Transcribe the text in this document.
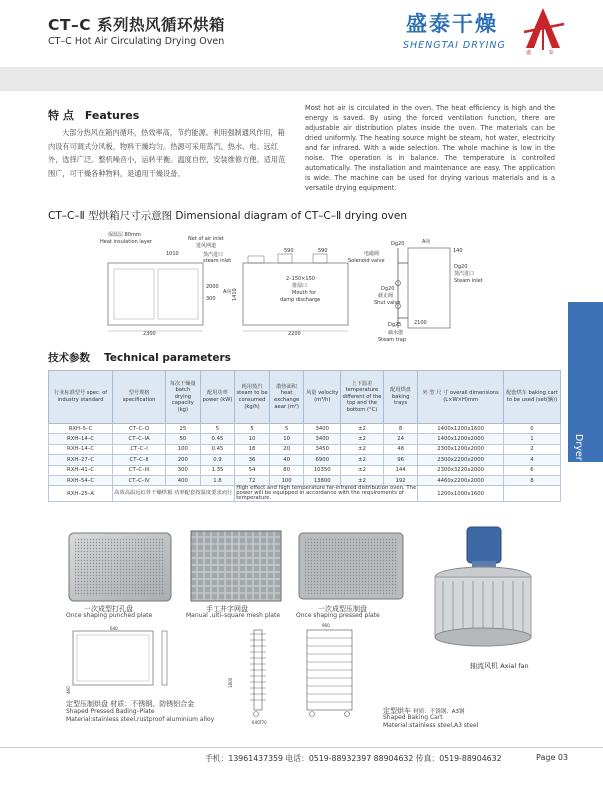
CT–C 系列热风循环烘箱
CT–C Hot Air Circulating Drying Oven
盛泰干燥
SHENGTAI DRYING
盛 泰
Dryer Series
特 点　Features
大部分热风在箱内循环，热效率高，节约能源。利用强制通风作用，箱内设有可调式分风板，物料干燥均匀。热源可采用蒸汽、热水、电、远红外，选择广泛。整机噪音小，运转平衡。温度自控，安装维修方便。适用范围广，可干燥各种物料，是通用干燥设备。
Most hot air is circulated in the oven. The heat efficiency is high and the energy is saved. By using the forced ventilation function, there are adjustable air distribution plates inside the oven. The materials can be dried uniformly. The heating source might be steam, hot water, electricity and far infrared. With a wide selection. The whole machine is low in the noise. The operation is in balance. The temperature is controlled automatically. The installation and maintenance are easy. The application is wide. The machine can be used for drying various materials and is a versatile drying equipment.
CT–C–Ⅱ 型烘箱尺寸示意图 Dimensional diagram of CT–C–Ⅱ drying oven
保温层 80mm
Heat insulation layer	Net of air inlet
进风网道
1010
2300
2000
300
A向
蒸汽进口
steam inlet
590	590
1410
2–150×150
排湿口
Mouth for
damp discharge
2200
A向
140
Dg20
电磁阀
Solenoid valve
Dg20
蒸汽进口
Steam inlet
Dg20
截止阀
Shut valve
2100
Dg25
疏水器
Steam trap
技术参数　 Technical parameters
行业标准型号 spec. of industry standard	型号规格 specification	每次干燥量 batch drying capacity (kg)	配用功率 power (kW)	耗用蒸汽 steam to be consumed (kg/h)	散热面积 heat exchange aear (m²)	风量 velocity (m³/h)	上下温差 temperature different of the top and the bottom (°C)	配用烘盘 baking trays	外 型 尺 寸 overall dimensions (L×W×H)mm	配套烘车 baking cart to be used (set(辆))
RXH–5–C	CT–C–O	25	5	5	5	3400	±2	8	1400x1200x1600	0
RXH–14–C	CT–C–IA	50	0.45	10	10	3400	±2	24	1400x1200x2000	1
RXH–14–C	CT–C–I	100	0.45	18	20	3450	±2	48	2300x1200x2000	2
RXH–27–C	CT–C–II	200	0.9	36	40	6900	±2	96	2300x2200x2000	4
RXH–41–C	CT–C–III	300	1.35	54	80	10350	±2	144	2300x3220x2000	6
RXH–54–C	CT–C–IV	400	1.8	72	100	13800	±2	192	4460x2200x2000	8
RXH–25–A	高效高温远红外干燥烘箱 功率配套按温度要求而行			High effect and high temperature far-infrared distribution oven. The power will be equipped in accordance with the requirements of temperature.					1200x1000x1600	
一次成型打孔盘
Once shaping punched plate
手工并字网盘
Manual ,ulti–square mesh plate
一次成型压制盘
Once shaping pressed plate
轴流风机 Axial fan
640
460
定型压制烘盘 材质：不锈钢、防锈铝合金
Shaped Pressed Bading–Plate
Material:stainless steel,rustproof aluminium alloy
960
1800
640 770
定型烘车 材质：不锈钢、A3钢
Shaped Baking Cart
Material:stainless steel,A3 steel
手机：13961437359 电话：0519-88932397 88904632 传真：0519-88904632	Page 03
